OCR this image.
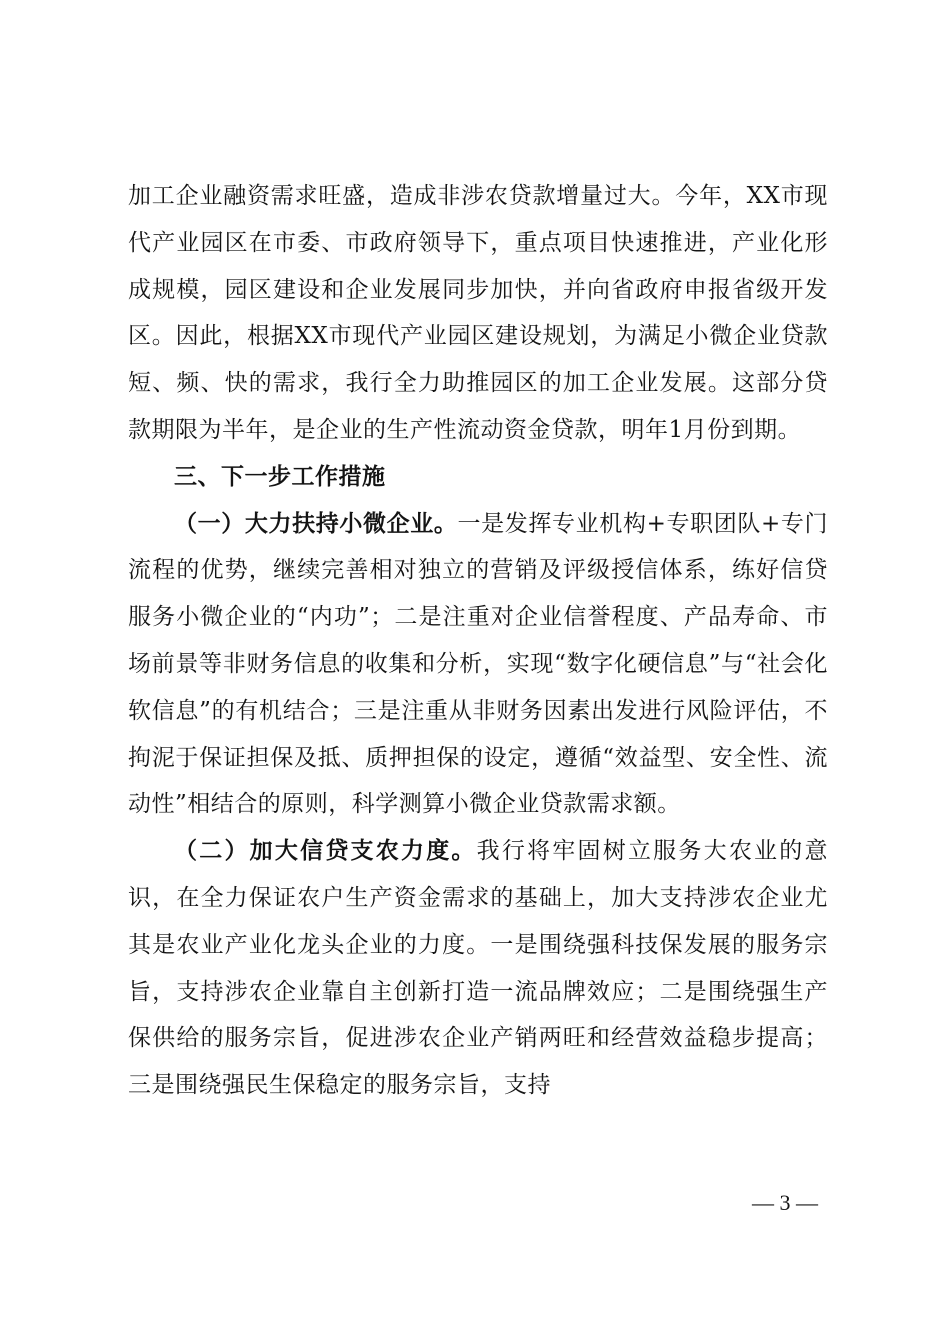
加工企业融资需求旺盛，造成非涉农贷款增量过大。今年，XX市现代产业园区在市委、市政府领导下，重点项目快速推进，产业化形成规模，园区建设和企业发展同步加快，并向省政府申报省级开发区。因此，根据XX市现代产业园区建设规划，为满足小微企业贷款短、频、快的需求，我行全力助推园区的加工企业发展。这部分贷款期限为半年，是企业的生产性流动资金贷款，明年1月份到期。

三、下一步工作措施

（一）大力扶持小微企业。一是发挥专业机构+专职团队+专门流程的优势，继续完善相对独立的营销及评级授信体系，练好信贷服务小微企业的“内功”；二是注重对企业信誉程度、产品寿命、市场前景等非财务信息的收集和分析，实现“数字化硬信息”与“社会化软信息”的有机结合；三是注重从非财务因素出发进行风险评估，不拘泥于保证担保及抵、质押担保的设定，遵循“效益型、安全性、流动性”相结合的原则，科学测算小微企业贷款需求额。

（二）加大信贷支农力度。我行将牢固树立服务大农业的意识，在全力保证农户生产资金需求的基础上，加大支持涉农企业尤其是农业产业化龙头企业的力度。一是围绕强科技保发展的服务宗旨，支持涉农企业靠自主创新打造一流品牌效应；二是围绕强生产保供给的服务宗旨，促进涉农企业产销两旺和经营效益稳步提高；三是围绕强民生保稳定的服务宗旨，支持

— 3 —
